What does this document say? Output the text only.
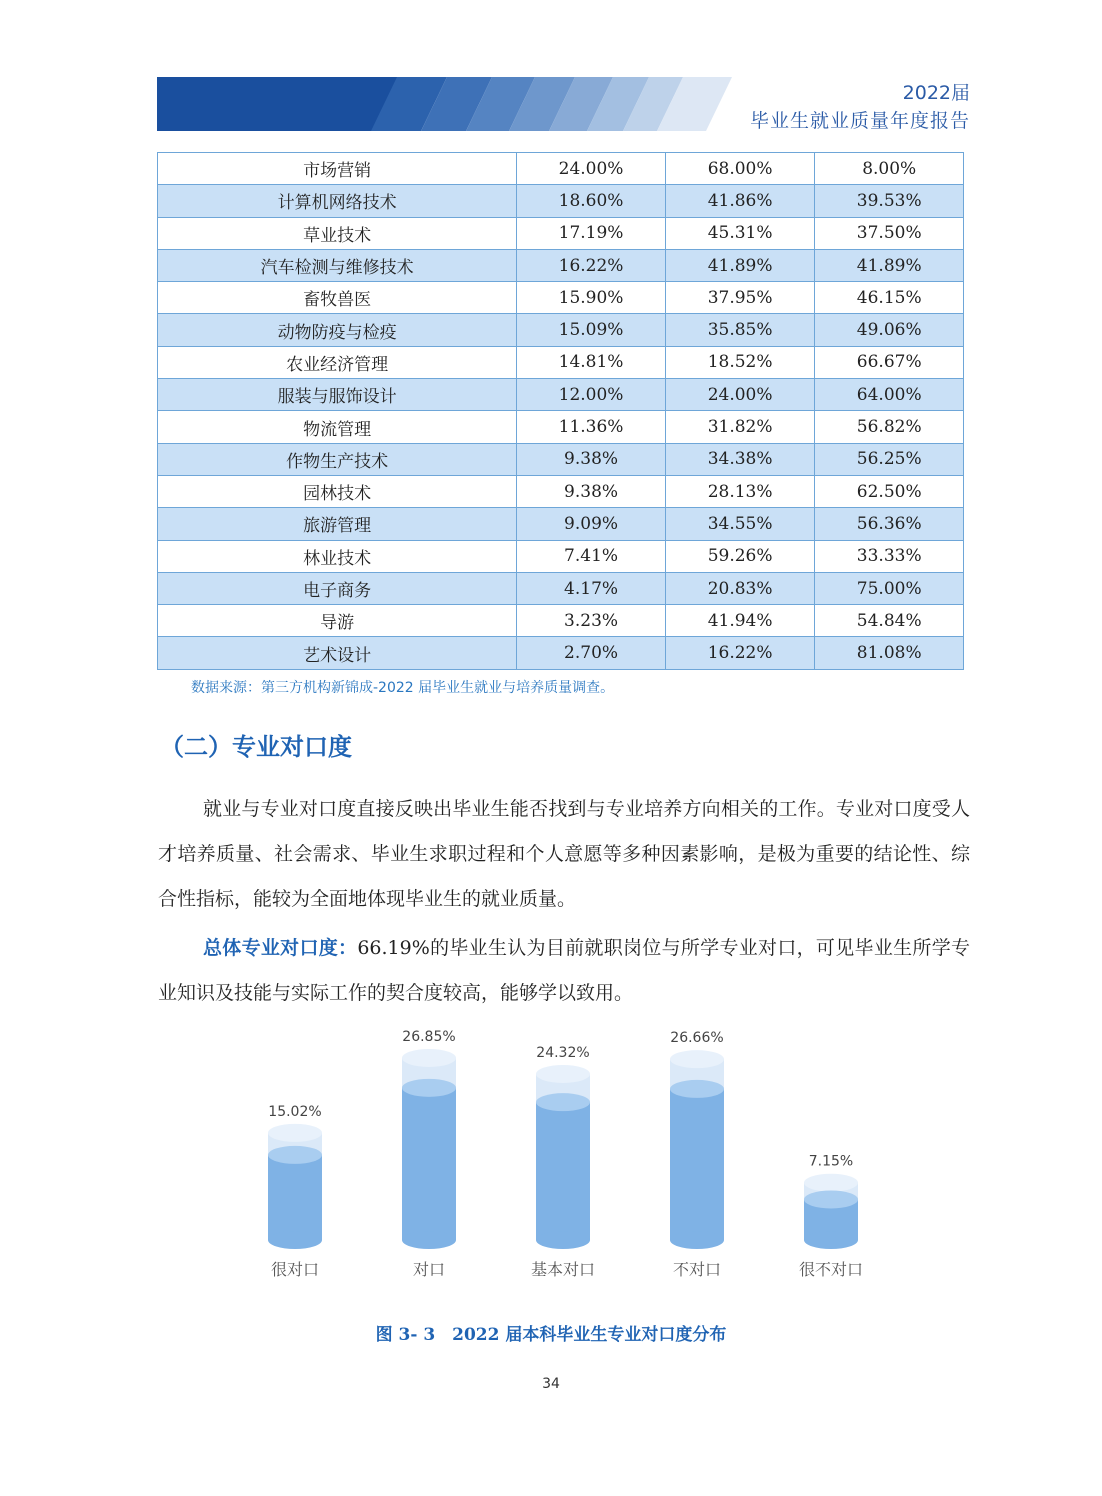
2022届
毕业生就业质量年度报告
市场营销	24.00%	68.00%	8.00%
计算机网络技术	18.60%	41.86%	39.53%
草业技术	17.19%	45.31%	37.50%
汽车检测与维修技术	16.22%	41.89%	41.89%
畜牧兽医	15.90%	37.95%	46.15%
动物防疫与检疫	15.09%	35.85%	49.06%
农业经济管理	14.81%	18.52%	66.67%
服装与服饰设计	12.00%	24.00%	64.00%
物流管理	11.36%	31.82%	56.82%
作物生产技术	9.38%	34.38%	56.25%
园林技术	9.38%	28.13%	62.50%
旅游管理	9.09%	34.55%	56.36%
林业技术	7.41%	59.26%	33.33%
电子商务	4.17%	20.83%	75.00%
导游	3.23%	41.94%	54.84%
艺术设计	2.70%	16.22%	81.08%
数据来源：第三方机构新锦成-2022 届毕业生就业与培养质量调查。
（二）专业对口度
就业与专业对口度直接反映出毕业生能否找到与专业培养方向相关的工作。专业对口度受人才培养质量、社会需求、毕业生求职过程和个人意愿等多种因素影响，是极为重要的结论性、综合性指标，能较为全面地体现毕业生的就业质量。
总体专业对口度：66.19%的毕业生认为目前就职岗位与所学专业对口，可见毕业生所学专业知识及技能与实际工作的契合度较高，能够学以致用。
15.02%
很对口
26.85%
对口
24.32%
基本对口
26.66%
不对口
7.15%
很不对口
图 3- 3　2022 届本科毕业生专业对口度分布
34
